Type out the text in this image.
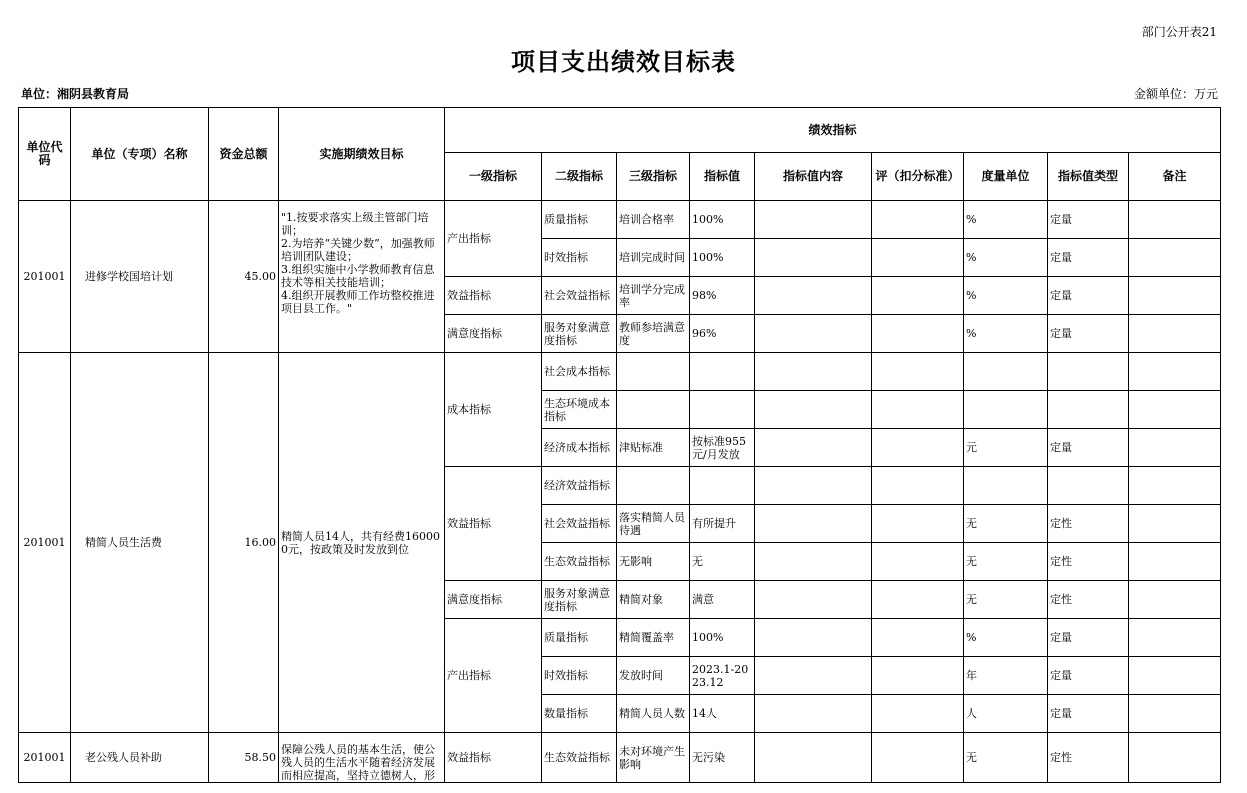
部门公开表21
项目支出绩效目标表
单位：湘阴县教育局	金额单位：万元
单位代码	单位（专项）名称	资金总额	实施期绩效目标	绩效指标								
				一级指标	二级指标	三级指标	指标值	指标值内容	评（扣分标准）	度量单位	指标值类型	备注
201001	进修学校国培计划	45.00	"1.按要求落实上级主管部门培训；
2.为培养“关键少数”，加强教师培训团队建设；
3.组织实施中小学教师教育信息技术等相关技能培训；
4.组织开展教师工作坊整校推进项目县工作。"	产出指标	质量指标	培训合格率	100%			%	定量	
					时效指标	培训完成时间	100%			%	定量	
				效益指标	社会效益指标	培训学分完成率	98%			%	定量	
				满意度指标	服务对象满意度指标	教师参培满意度	96%			%	定量	
201001	精简人员生活费	16.00	精简人员14人，共有经费160000元，按政策及时发放到位	成本指标	社会成本指标							
					生态环境成本指标							
					经济成本指标	津贴标准	按标准955元/月发放			元	定量	
				效益指标	经济效益指标							
					社会效益指标	落实精简人员待遇	有所提升			无	定性	
					生态效益指标	无影响	无			无	定性	
				满意度指标	服务对象满意度指标	精简对象	满意			无	定性	
				产出指标	质量指标	精简覆盖率	100%			%	定量	
					时效指标	发放时间	2023.1-2023.12			年	定量	
					数量指标	精简人员人数	14人			人	定量	
201001	老公残人员补助	58.50	保障公残人员的基本生活，使公残人员的生活水平随着经济发展而相应提高，坚持立德树人，形	效益指标	生态效益指标	未对环境产生影响	无污染			无	定性	
